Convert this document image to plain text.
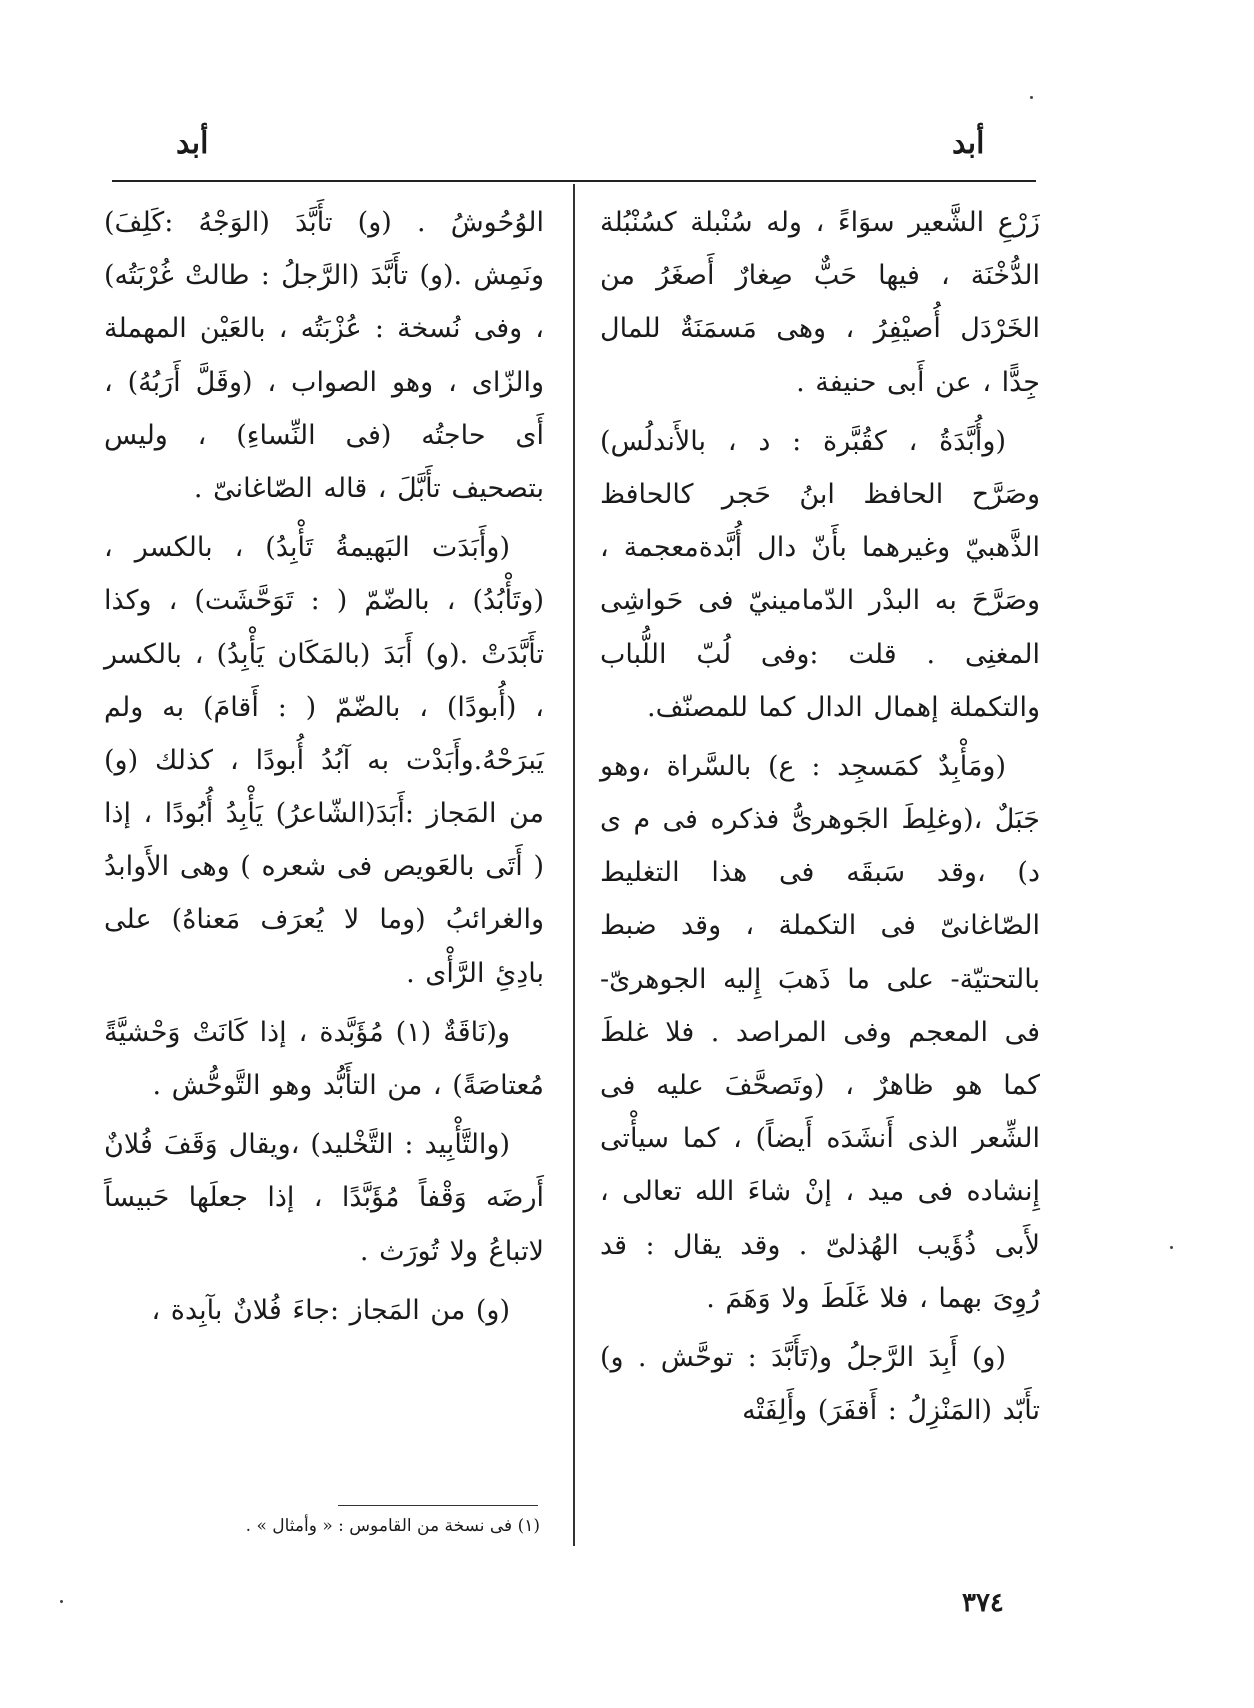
أبد
أبد

زَرْعِ الشَّعير سوَاءً ، وله سُنْبلة كسُنْبُلة الدُّخْنَة ، فيها حَبٌّ صِغارٌ أَصغَرُ من الخَرْدَل أُصيْفِرُ ، وهى مَسمَنَةٌ للمال جِدًّا ، عن أَبى حنيفة .

(وأُبَّدَةُ ، كقُبَّرة : د ، بالأَندلُس) وصَرَّح الحافظ ابنُ حَجر كالحافظ الذَّهبيّ وغيرهما بأَنّ دال أُبَّدةمعجمة ، وصَرَّحَ به البدْر الدّمامينيّ فى حَواشِى المغنِى . قلت :وفى لُبّ اللُّباب والتكملة إهمال الدال كما للمصنّف.

(ومَأْبِدٌ كمَسجِد : ع) بالسَّراة ،وهو جَبَلٌ ،(وغلِطَ الجَوهرىُّ فذكره فى م ى د) ،وقد سَبقَه فى هذا التغليط الصّاغانىّ فى التكملة ، وقد ضبط بالتحتيّة- على ما ذَهبَ إِليه الجوهرىّ- فى المعجم وفى المراصد . فلا غلطَ كما هو ظاهرٌ ، (وتَصحَّفَ عليه فى الشِّعر الذى أَنشَدَه أَيضاً) ، كما سيأْتى إِنشاده فى ميد ، إنْ شاءَ الله تعالى ، لأَبى ذُؤَيب الهُذلىّ . وقد يقال : قد رُوِىَ بهما ، فلا غَلَطَ ولا وَهَمَ .

(و) أَبِدَ الرَّجلُ و(تَأَبَّدَ : توحَّش . و) تأَبّد (المَنْزِلُ : أَقفَرَ) وأَلِفَتْه

الوُحُوشُ . (و) تأَبَّدَ (الوَجْهُ :كَلِفَ) ونَمِش .(و) تأَبَّدَ (الرَّجلُ : طالتْ غُرْبَتُه) ، وفى نُسخة : عُزْبَتُه ، بالعَيْن المهملة والزّاى ، وهو الصواب ، (وقَلَّ أَرَبُهُ) ، أَى حاجتُه (فى النِّساءِ) ، وليس بتصحيف تأَبَّلَ ، قاله الصّاغانىّ .

(وأَبَدَت البَهيمةُ تَأْبِدُ) ، بالكسر ، (وتَأْبُدُ) ، بالضّمّ ( : تَوَحَّشَت) ، وكذا تأَبَّدَتْ .(و) أَبَدَ (بالمَكَان يَأْبِدُ) ، بالكسر ، (أُبودًا) ، بالضّمّ ( : أَقامَ) به ولم يَبرَحْهُ.وأَبَدْت به آبُدُ أُبودًا ، كذلك (و) من المَجاز :أَبَدَ(الشّاعرُ) يَأْبِدُ أُبُودًا ، إذا ( أَتَى بالعَويص فى شعره ) وهى الأَوابدُ والغرائبُ (وما لا يُعرَف مَعناهُ) على بادِئِ الرَّأْى .

و(نَاقَةٌ (١) مُؤَبَّدة ، إذا كَانَتْ وَحْشيَّةً مُعتاصَةً) ، من التأَبُّد وهو التَّوحُّش .

(والتَّأْبِيد : التَّخْليد) ،ويقال وَقَفَ فُلانٌ أَرضَه وَقْفاً مُؤَبَّدًا ، إذا جعلَها حَبيساً لاتباعُ ولا تُورَث .

(و) من المَجاز :جاءَ فُلانٌ بآبِدة ،

(١) فى نسخة من القاموس : « وأمثال » .
٣٧٤
